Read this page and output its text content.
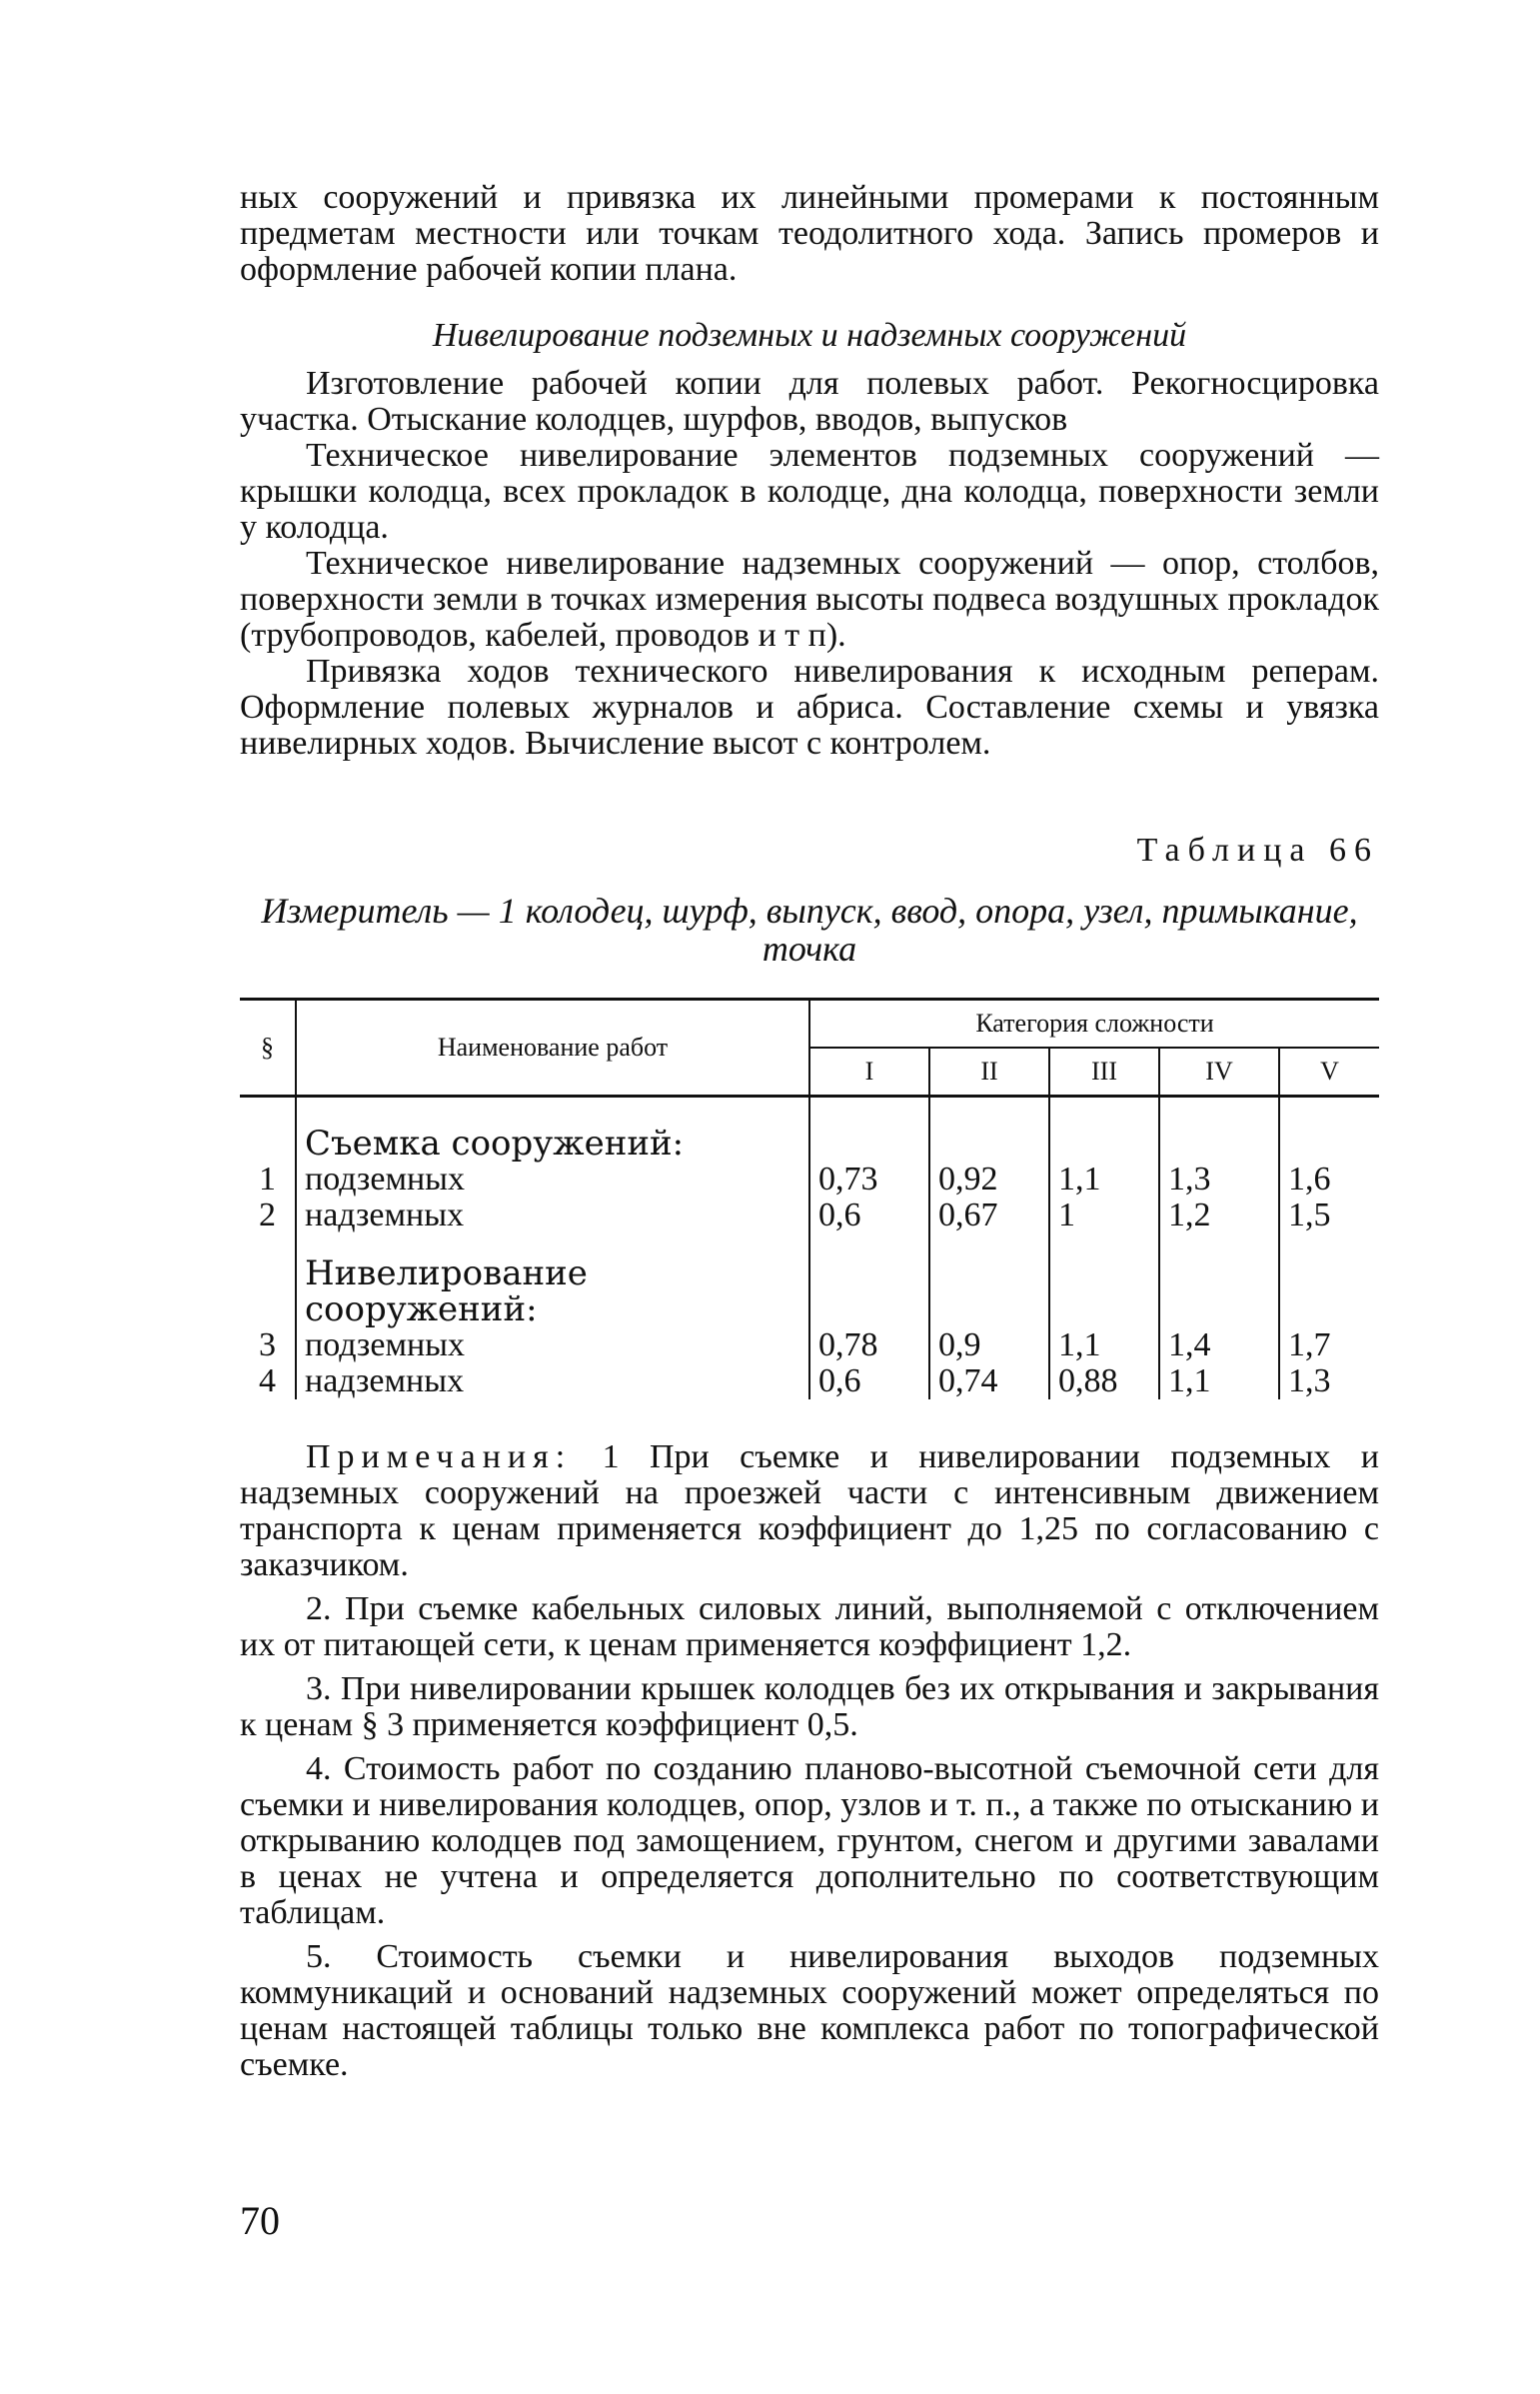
ных сооружений и привязка их линейными промерами к постоянным предметам местности или точкам теодолитного хода. Запись промеров и оформление рабочей копии плана.

Нивелирование подземных и надземных сооружений

Изготовление рабочей копии для полевых работ. Рекогносцировка участка. Отыскание колодцев, шурфов, вводов, выпусков

Техническое нивелирование элементов подземных сооружений — крышки колодца, всех прокладок в колодце, дна колодца, поверхности земли у колодца.

Техническое нивелирование надземных сооружений — опор, столбов, поверхности земли в точках измерения высоты подвеса воздушных прокладок (трубопроводов, кабелей, проводов и т п).

Привязка ходов технического нивелирования к исходным реперам. Оформление полевых журналов и абриса. Составление схемы и увязка нивелирных ходов. Вычисление высот с контролем.

Таблица 66
Измеритель — 1 колодец, шурф, выпуск, ввод, опора, узел, примыкание, точка
§	Наименование работ	Категория сложности				
		I	II	III	IV	V
	Съемка сооружений:					
1	подземных	0,73	0,92	1,1	1,3	1,6
2	надземных	0,6	0,67	1	1,2	1,5
	Нивелирование сооружений:					
3	подземных	0,78	0,9	1,1	1,4	1,7
4	надземных	0,6	0,74	0,88	1,1	1,3

Примечания: 1 При съемке и нивелировании подземных и надземных сооружений на проезжей части с интенсивным движением транспорта к ценам применяется коэффициент до 1,25 по согласованию с заказчиком.

2. При съемке кабельных силовых линий, выполняемой с отключением их от питающей сети, к ценам применяется коэффициент 1,2.

3. При нивелировании крышек колодцев без их открывания и закрывания к ценам § 3 применяется коэффициент 0,5.

4. Стоимость работ по созданию планово-высотной съемочной сети для съемки и нивелирования колодцев, опор, узлов и т. п., а также по отысканию и открыванию колодцев под замощением, грунтом, снегом и другими завалами в ценах не учтена и определяется дополнительно по соответствующим таблицам.

5. Стоимость съемки и нивелирования выходов подземных коммуникаций и оснований надземных сооружений может определяться по ценам настоящей таблицы только вне комплекса работ по топографической съемке.

70
